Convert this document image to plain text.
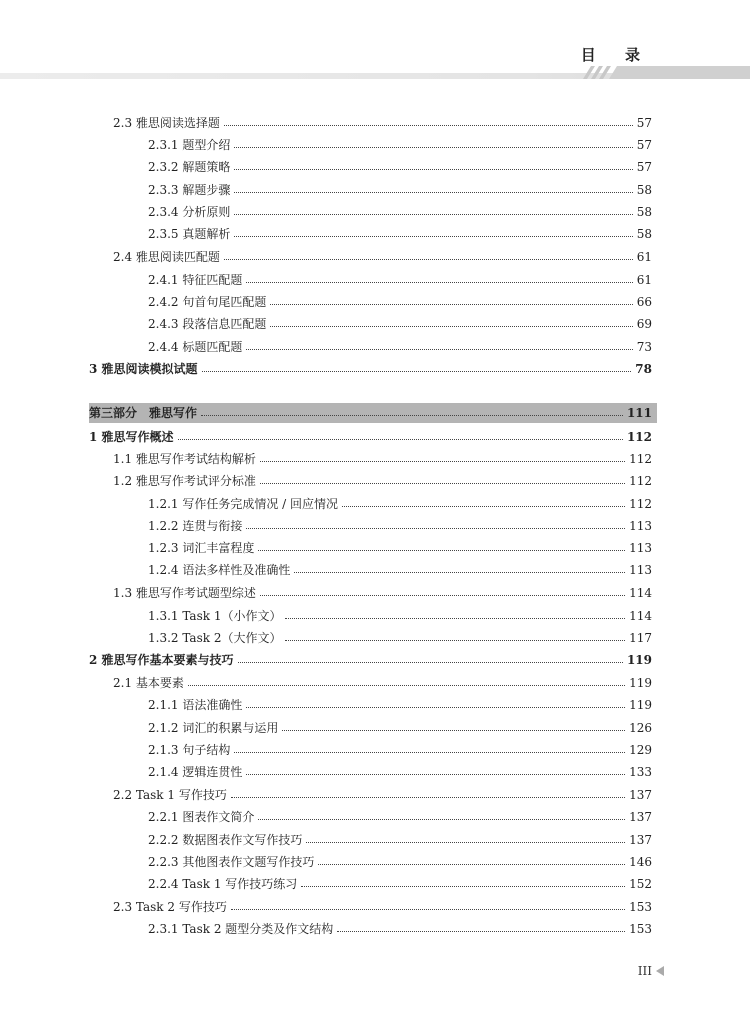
目 录
2.3 雅思阅读选择题	57
2.3.1 题型介绍	57
2.3.2 解题策略	57
2.3.3 解题步骤	58
2.3.4 分析原则	58
2.3.5 真题解析	58
2.4 雅思阅读匹配题	61
2.4.1 特征匹配题	61
2.4.2 句首句尾匹配题	66
2.4.3 段落信息匹配题	69
2.4.4 标题匹配题	73
3 雅思阅读模拟试题	78
第三部分　雅思写作	111
1 雅思写作概述	112
1.1 雅思写作考试结构解析	112
1.2 雅思写作考试评分标准	112
1.2.1 写作任务完成情况 / 回应情况	112
1.2.2 连贯与衔接	113
1.2.3 词汇丰富程度	113
1.2.4 语法多样性及准确性	113
1.3 雅思写作考试题型综述	114
1.3.1 Task 1（小作文）	114
1.3.2 Task 2（大作文）	117
2 雅思写作基本要素与技巧	119
2.1 基本要素	119
2.1.1 语法准确性	119
2.1.2 词汇的积累与运用	126
2.1.3 句子结构	129
2.1.4 逻辑连贯性	133
2.2 Task 1 写作技巧	137
2.2.1 图表作文简介	137
2.2.2 数据图表作文写作技巧	137
2.2.3 其他图表作文题写作技巧	146
2.2.4 Task 1 写作技巧练习	152
2.3 Task 2 写作技巧	153
2.3.1 Task 2 题型分类及作文结构	153
III
